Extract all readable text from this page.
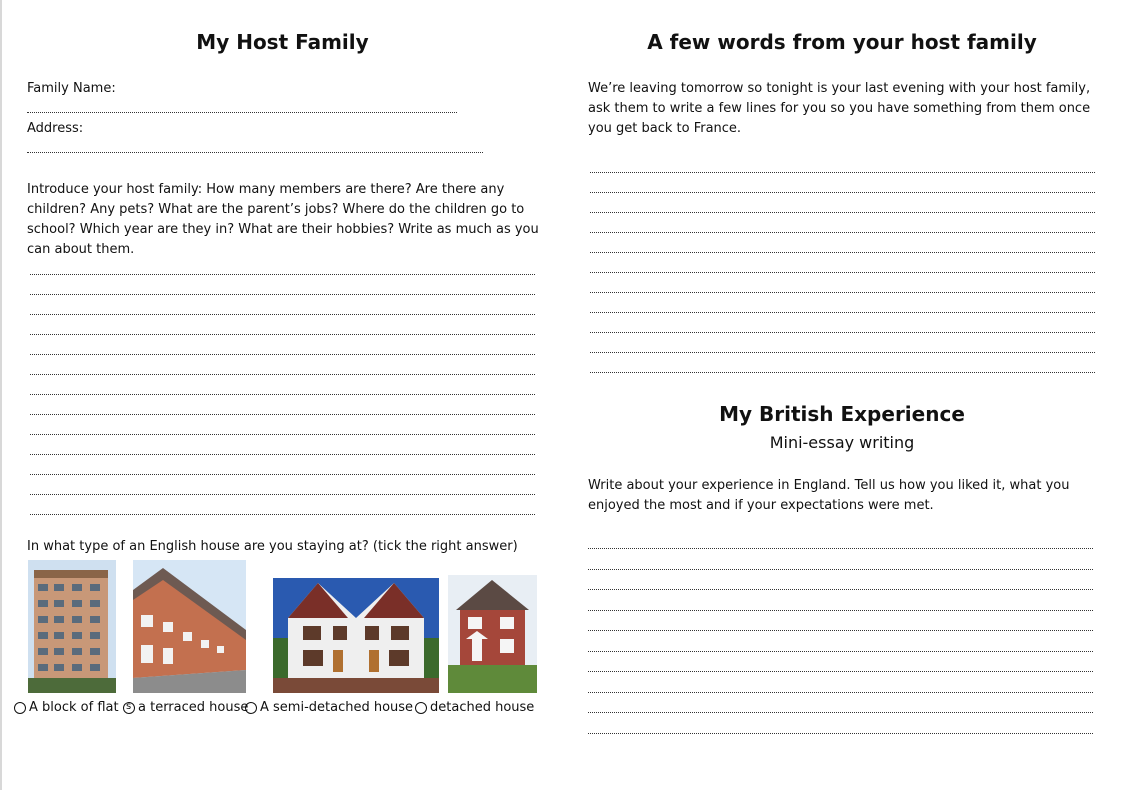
My Host Family
Family Name:
Address:
Introduce your host family: How many members are there? Are there any children? Any pets? What are the parent’s jobs? Where do the children go to school? Which year are they in? What are their hobbies? Write as much as you can about them.
In what type of an English house are you staying at? (tick the right answer)
A block of flat
s a terraced house A semi-detached house detached house
A few words from your host family
We’re leaving tomorrow so tonight is your last evening with your host family, ask them to write a few lines for you so you have something from them once you get back to France.
My British Experience
Mini-essay writing
Write about your experience in England. Tell us how you liked it, what you enjoyed the most and if your expectations were met.
